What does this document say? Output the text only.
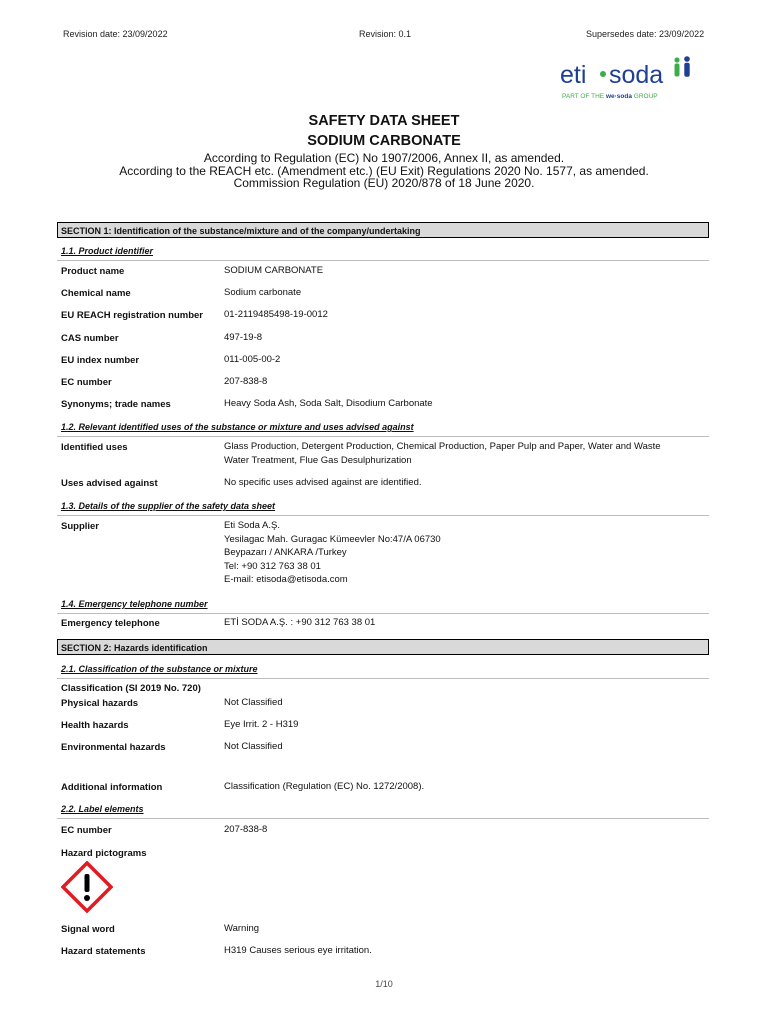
Revision date: 23/09/2022	Revision: 0.1	Supersedes date: 23/09/2022
eti soda
PART OF THE we·soda GROUP
SAFETY DATA SHEET
SODIUM CARBONATE
According to Regulation (EC) No 1907/2006, Annex II, as amended.
According to the REACH etc. (Amendment etc.) (EU Exit) Regulations 2020 No. 1577, as amended.
Commission Regulation (EU) 2020/878 of 18 June 2020.
SECTION 1: Identification of the substance/mixture and of the company/undertaking
1.1. Product identifier
Product name	SODIUM CARBONATE
Chemical name	Sodium carbonate
EU REACH registration number 01-2119485498-19-0012
CAS number	497-19-8
EU index number	011-005-00-2
EC number	207-838-8
Synonyms; trade names	Heavy Soda Ash, Soda Salt, Disodium Carbonate
1.2. Relevant identified uses of the substance or mixture and uses advised against
Identified uses	Glass Production, Detergent Production, Chemical Production, Paper Pulp and Paper, Water and Waste
Water Treatment, Flue Gas Desulphurization
Uses advised against	No specific uses advised against are identified.
1.3. Details of the supplier of the safety data sheet
Supplier	Eti Soda A.Ş.
Yesilagac Mah. Guragac Kümeevler No:47/A 06730
Beypazarı / ANKARA /Turkey
Tel: +90 312 763 38 01
E-mail: etisoda@etisoda.com
1.4. Emergency telephone number
Emergency telephone	ETİ SODA A.Ş. : +90 312 763 38 01
SECTION 2: Hazards identification
2.1. Classification of the substance or mixture
Classification (SI 2019 No. 720)
Physical hazards	Not Classified
Health hazards	Eye Irrit. 2 - H319
Environmental hazards	Not Classified
Additional information	Classification (Regulation (EC) No. 1272/2008).
2.2. Label elements
EC number	207-838-8
Hazard pictograms
Signal word	Warning
Hazard statements	H319 Causes serious eye irritation.
1/10
